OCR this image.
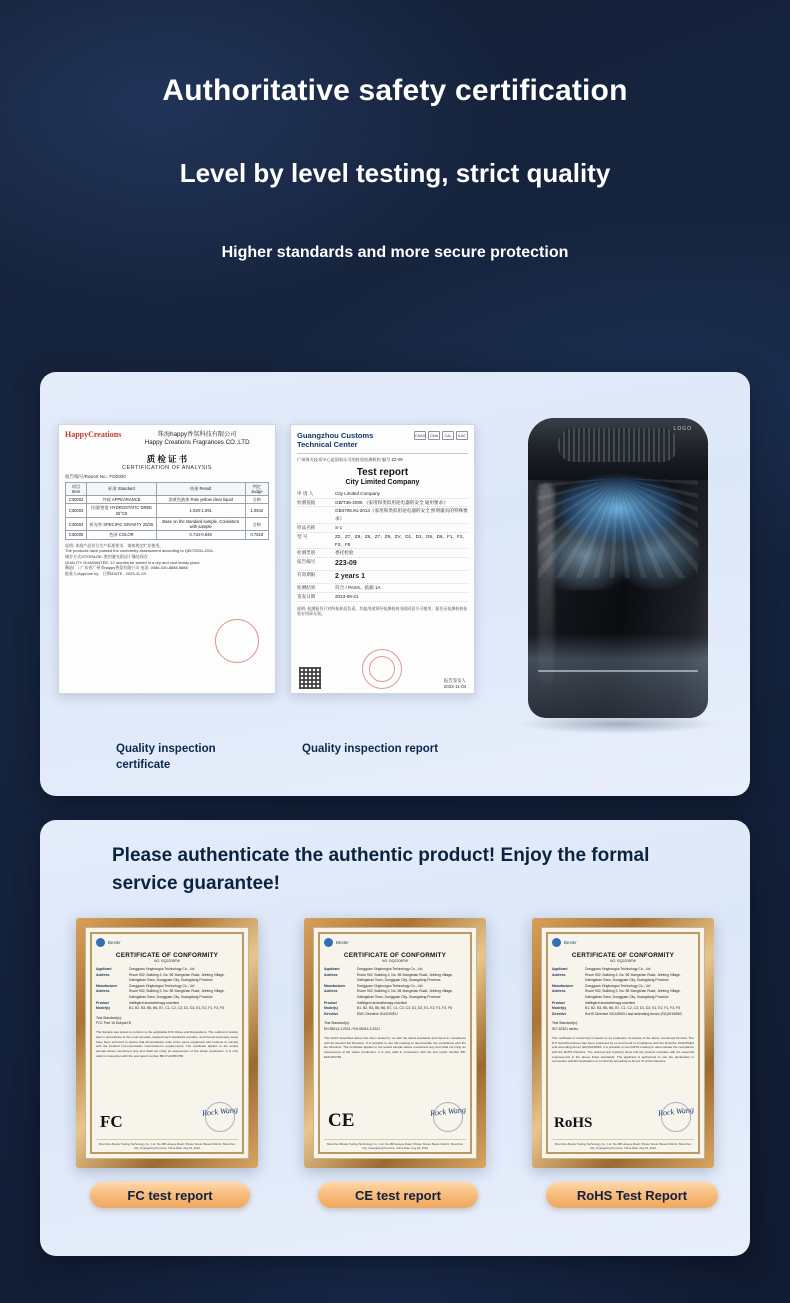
Authoritative safety certification
Level by level testing, strict quality
Higher standards and more secure protection
HappyCreations	珠海happy香氛科技有限公司
Happy Creations Fragrances CO.,LTD
质 检 证 书
CERTIFICATION OF ANALYSIS
报告编号/Report No.: FD0000
项目 Item	标准 Standard	结果 Result	判定 Judge
C30002	外观 APPEARANCE	淡黄色液体 Pale yellow clear liquid	合格
C30003	比重/密度 HYDROSTATIC DREE 25°C5	1.020-1.091	1.0542
C30004	折光率 SPECIFIC GRAVITY 25/25	Base on the standard sample, Consistent with sample	合格
C30005	色泽 COLOR	0.734-0.846	0.7818
说明: 本批产品符合生产标准要求，请按规定贮存使用。
The products have passed the conformity assessment according to QB/T2531-2011.
储存方式/STORAGE: 密封避光阴凉干燥处保存
QUALITY GUARANTEE: 12 months be stored in a dry and cool shady place
制造厂 / 广东省广州市happy香氛有限公司 电话: 0086-020-8888 8888
批准人/Approve by 日期/DATE : 2023-11-03
Guangzhou Customs
Technical Center
CNAS	CMA	CAL	ILAC
广州海关技术中心是国家认可的检验检测机构 编号 ZZ-09
Test report
City Limited Company
申 请 人	City Limited Company
检测依据	GB/T36-2005 《家用和类似用途电器的安全 通用要求》
GB4706.91-2014《家用和类似用途电器的安全 照明器具的特殊要求》
样品名称	S-1
型 号	Z2、Z7、Z8、Z6、Z7、Z9、ZV、D1、D2、D5、D6、F1、F2、F3、F5
检测类别	委托检验
报告编号	223-09
有效期限	2 years 1
检测结果	符合 / PASS、依据 1A
签发日期	2023-09-21
说明: 检测报告只对所检样品负责，其他用途须经检测机构书面同意方可使用；报告无检测机构检验专用章无效。
报告签发人
2023-11-03
Quality inspection certificate
Quality inspection report
LOGO
Please authenticate the authentic product! Enjoy the formal service guarantee!
Bester
CERTIFICATE OF CONFORMITY
NO. BQ2208FW
Applicant	Dongguan Xinghongca Technology Co., Ltd
Address	Room 902, Building 3, No. 98 Xiangshan Road, Jinhting Village, Dalingshan Town, Dongguan City, Guangdong Province
Manufacturer	Dongguan Xinghongca Technology Co., Ltd
Address	Room 902, Building 3, No. 98 Xiangshan Road, Jinhting Village, Dalingshan Town, Dongguan City, Guangdong Province
Product	Intelligent aromatherapy machine
Model(s)	B1, B2, B3, B5, B6, B7, C1, C2, C3, D1, D2, E1, E2, F1, F3, F5
Test Standard(s):
FCC Part 15 Subpart B
The Sample was tested to conform to the applicable FCC Rules and Regulations. The method of testing was in accordance to the most accurate measurement standards possible, and that all necessary steps have been enforced to assure that all production units of the same equipment will continue to comply with the Federal Communication Commission's requirements. The certificate applies to the tested sample above mentioned only and shall not imply an assessment of the whole production. It is only valid in connection with the test report number BD-FV22001768.
FC
Rock Wang
Shenzhen Bester Testing Technology Co., Ltd. No.188 Huayue Road, Shiyan Street, Baoan District, Shenzhen City, Guangdong Province, China Date: Aug 16, 2022
Bester
CERTIFICATE OF CONFORMITY
NO. BQ2208FW
Applicant	Dongguan Xinghongca Technology Co., Ltd
Address	Room 902, Building 3, No. 98 Xiangshan Road, Jinhting Village, Dalingshan Town, Dongguan City, Guangdong Province
Manufacturer	Dongguan Xinghongca Technology Co., Ltd
Address	Room 902, Building 3, No. 98 Xiangshan Road, Jinhting Village, Dalingshan Town, Dongguan City, Guangdong Province
Product	Intelligent aromatherapy machine
Model(s)	B1, B2, B3, B5, B6, B7, C1, C2, C3, D1, D2, E1, E2, F1, F3, F5
Directive	EMC Directive 2014/30/EU
Test Standard(s):
EN 55014-1:2021 / EN 55014-2:2021
The ReST described above has been tested by us with the listed standards and found in compliance with all relevant EU Directive. It is possible to use CE marking to demonstrate the compliance with the EU Directive. The certificate applies to the tested sample above mentioned only and shall not imply an assessment of the whole production. It is only valid in connection with the test report number BD-EMC201766.
CE	Rock Wang
Shenzhen Bester Testing Technology Co., Ltd. No.188 Huayue Road, Shiyan Street, Baoan District, Shenzhen City, Guangdong Province, China Date: Aug 16, 2022
Bester
CERTIFICATE OF CONFORMITY
NO. BQ2208FW
Applicant	Dongguan Xinghongca Technology Co., Ltd
Address	Room 902, Building 3, No. 98 Xiangshan Road, Jinhting Village, Dalingshan Town, Dongguan City, Guangdong Province
Manufacturer	Dongguan Xinghongca Technology Co., Ltd
Address	Room 902, Building 3, No. 98 Xiangshan Road, Jinhting Village, Dalingshan Town, Dongguan City, Guangdong Province
Product	Intelligent aromatherapy machine
Model(s)	B1, B2, B3, B5, B6, B7, C1, C2, C3, D1, D2, E1, E2, F1, F3, F5
Directive	RoHS Directive 2011/65/EU and amending Annex (EU)2015/863
Test Standard(s):
IEC 62321 series
The certificate of conformity is based on an evaluation of sample of the above mentioned Product. The R,P described above has been examined by us and found in compliance with the Directive 2011/65/EU and amending Annex (EU)2015/863. It is possible to use RoHS marking to demonstrate the compliance with the RoHS Directive. The referred test report(s) show that the product complies with the essential requirements in the above listed standards. The applicant is authorized to use the declaration in connection with EU declaration of conformity according to Annex VI of the Directive.
RoHS
Rock Wang
Shenzhen Bester Testing Technology Co., Ltd. No.188 Huayue Road, Shiyan Street, Baoan District, Shenzhen City, Guangdong Province, China Date: Aug 16, 2022
FC test report	CE test report	RoHS Test Report
